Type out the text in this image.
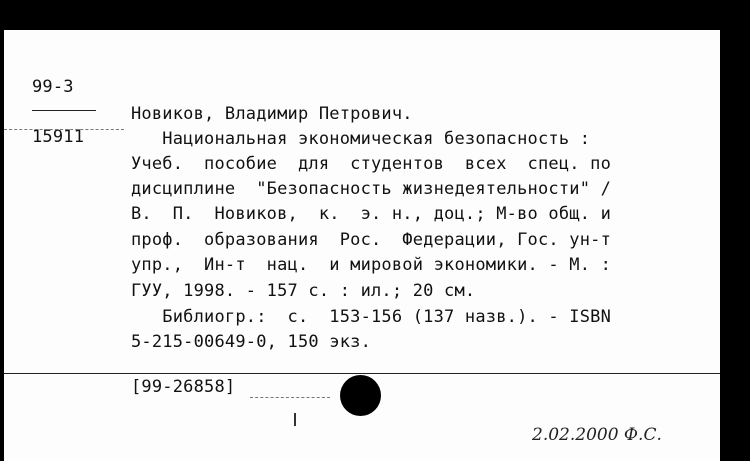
99-3
15911
Новиков, Владимир Петрович.
Национальная экономическая безопасность :
Учеб.  пособие  для  студентов  всех  спец. по
дисциплине  "Безопасность жизнедеятельности" /
В.  П.  Новиков,  к.  э. н., доц.; М-во общ. и
проф.  образования  Рос.  Федерации, Гос. ун-т
упр.,  Ин-т  нац.  и мировой экономики. - М. :
ГУУ, 1998. - 157 с. : ил.; 20 см.
Библиогр.:  с.  153-156 (137 назв.). - ISBN
5-215-00649-0, 150 экз.
[99-26858]
2.02.2000 Ф.С.
